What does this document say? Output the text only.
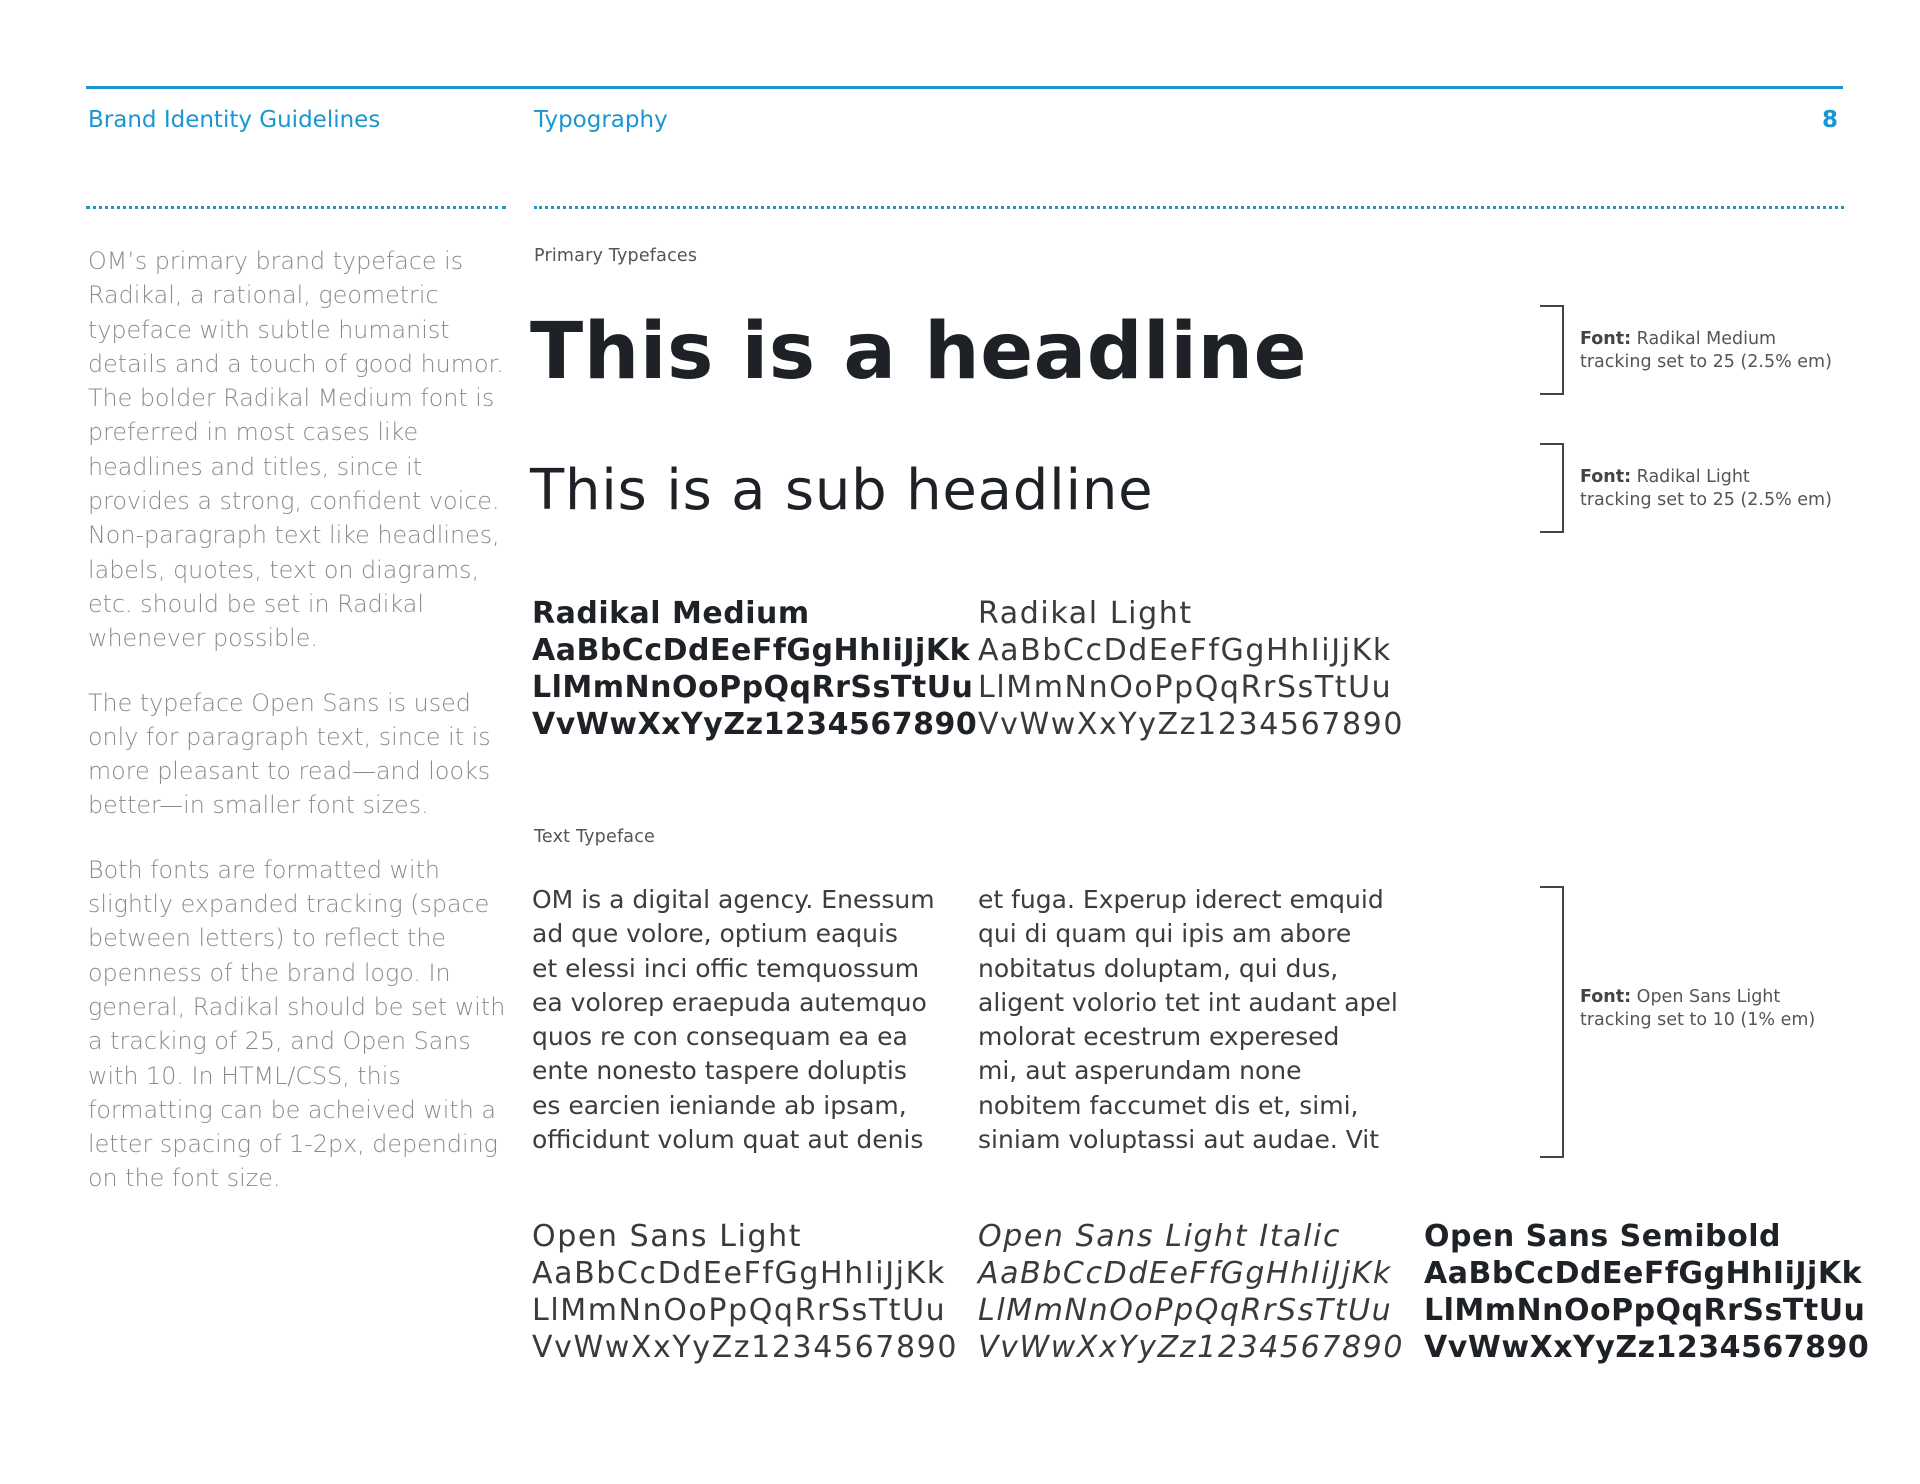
Brand Identity Guidelines	Typography	8

OM’s primary brand typeface is Radikal, a rational, geometric typeface with subtle humanist details and a touch of good humor. The bolder Radikal Medium font is preferred in most cases like headlines and titles, since it provides a strong, confident voice. Non-paragraph text like headlines, labels, quotes, text on diagrams, etc. should be set in Radikal whenever possible.

The typeface Open Sans is used only for paragraph text, since it is more pleasant to read—and looks better—in smaller font sizes.

Both fonts are formatted with slightly expanded tracking (space between letters) to reflect the openness of the brand logo. In general, Radikal should be set with a tracking of 25, and Open Sans with 10. In HTML/CSS, this formatting can be acheived with a letter spacing of 1-2px, depending on the font size.

Primary Typefaces
This is a headline
This is a sub headline
Font: Radikal Medium
tracking set to 25 (2.5% em)
Font: Radikal Light
tracking set to 25 (2.5% em)
Radikal Medium
AaBbCcDdEeFfGgHhIiJjKk
LlMmNnOoPpQqRrSsTtUu
VvWwXxYyZz1234567890
Radikal Light
AaBbCcDdEeFfGgHhIiJjKk
LlMmNnOoPpQqRrSsTtUu
VvWwXxYyZz1234567890
Text Typeface
OM is a digital agency. Enessum
ad que volore, optium eaquis
et elessi inci offic temquossum
ea volorep eraepuda autemquo
quos re con consequam ea ea
ente nonesto taspere doluptis
es earcien ieniande ab ipsam,
officidunt volum quat aut denis
et fuga. Experup iderect emquid
qui di quam qui ipis am abore
nobitatus doluptam, qui dus,
aligent volorio tet int audant apel
molorat ecestrum experesed
mi, aut asperundam none
nobitem faccumet dis et, simi,
siniam voluptassi aut audae. Vit
Font: Open Sans Light
tracking set to 10 (1% em)
Open Sans Light
AaBbCcDdEeFfGgHhIiJjKk
LlMmNnOoPpQqRrSsTtUu
VvWwXxYyZz1234567890
Open Sans Light Italic
AaBbCcDdEeFfGgHhIiJjKk
LlMmNnOoPpQqRrSsTtUu
VvWwXxYyZz1234567890
Open Sans Semibold
AaBbCcDdEeFfGgHhIiJjKk
LlMmNnOoPpQqRrSsTtUu
VvWwXxYyZz1234567890
